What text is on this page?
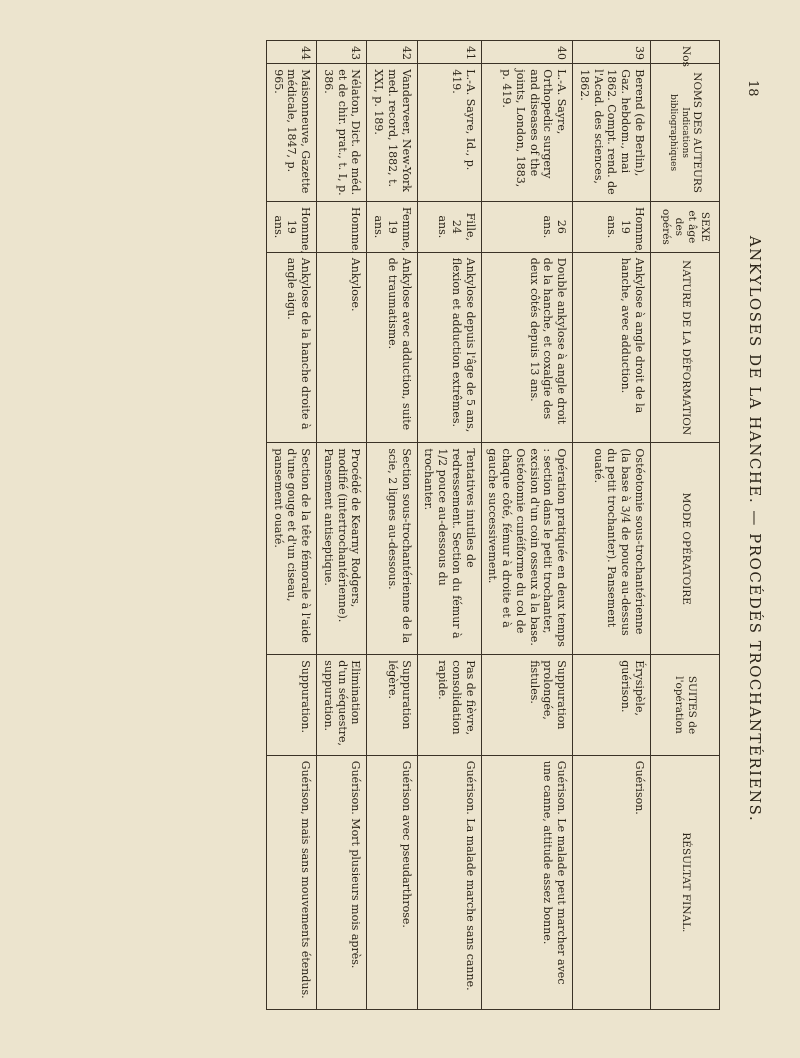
18
ANKYLOSES DE LA HANCHE. — PROCÉDÉS TROCHANTÉRIENS.
Nos	NOMS DES AUTEURS
Indications bibliographiques	SEXE et âge des opérés	NATURE DE LA DÉFORMATION	MODE OPÉRATOIRE	SUITES de l'opération	RÉSULTAT FINAL.
39	Berend (de Berlin), Gaz. hebdom., mai 1862. Compt. rend. de l'Acad. des sciences, 1862.	Homme, 19 ans.	Ankylose à angle droit de la hanche, avec adduction.	Ostéotomie sous-trochantérienne (la base à 3/4 de pouce au-dessus du petit trochanter). Pansement ouaté.	Érysipèle, guérison.	Guérison.
40	L.-A. Sayre, Orthopedic surgery and diseases of the joints, London, 1883, p. 419.	26 ans.	Double ankylose à angle droit de la hanche, et coxalgie des deux côtés depuis 13 ans.	Opération pratiquée en deux temps : section dans le petit trochanter, excision d'un coin osseux à la base. Ostéotomie cunéiforme du col de chaque côté, fémur à droite et à gauche successivement.	Suppuration prolongée, fistules.	Guérison. Le malade peut marcher avec une canne, attitude assez bonne.
41	L.-A. Sayre, Id., p. 419.	Fille, 24 ans.	Ankylose depuis l'âge de 5 ans, flexion et adduction extrêmes.	Tentatives inutiles de redressement. Section du fémur à 1/2 pouce au-dessous du trochanter.	Pas de fièvre, consolidation rapide.	Guérison. La malade marche sans canne.
42	Vanderveer, New-York med. record, 1882, t. XXI, p. 189.	Femme, 19 ans.	Ankylose avec adduction, suite de traumatisme.	Section sous-trochantérienne de la scie, 2 lignes au-dessous.	Suppuration légère.	Guérison avec pseudarthrose.
43	Nélaton, Dict. de méd. et de chir. prat., t. I, p. 386.	Homme.	Ankylose.	Procédé de Kearny Rodgers, modifié (intertrochantérienne). Pansement antiseptique.	Elimination d'un séquestre, suppuration.	Guérison. Mort plusieurs mois après.
44	Maisonneuve, Gazette médicale, 1847, p. 965.	Homme, 19 ans.	Ankylose de la hanche droite à angle aigu.	Section de la tête fémorale à l'aide d'une gouge et d'un ciseau, pansement ouaté.	Suppuration.	Guérison, mais sans mouvements étendus.
